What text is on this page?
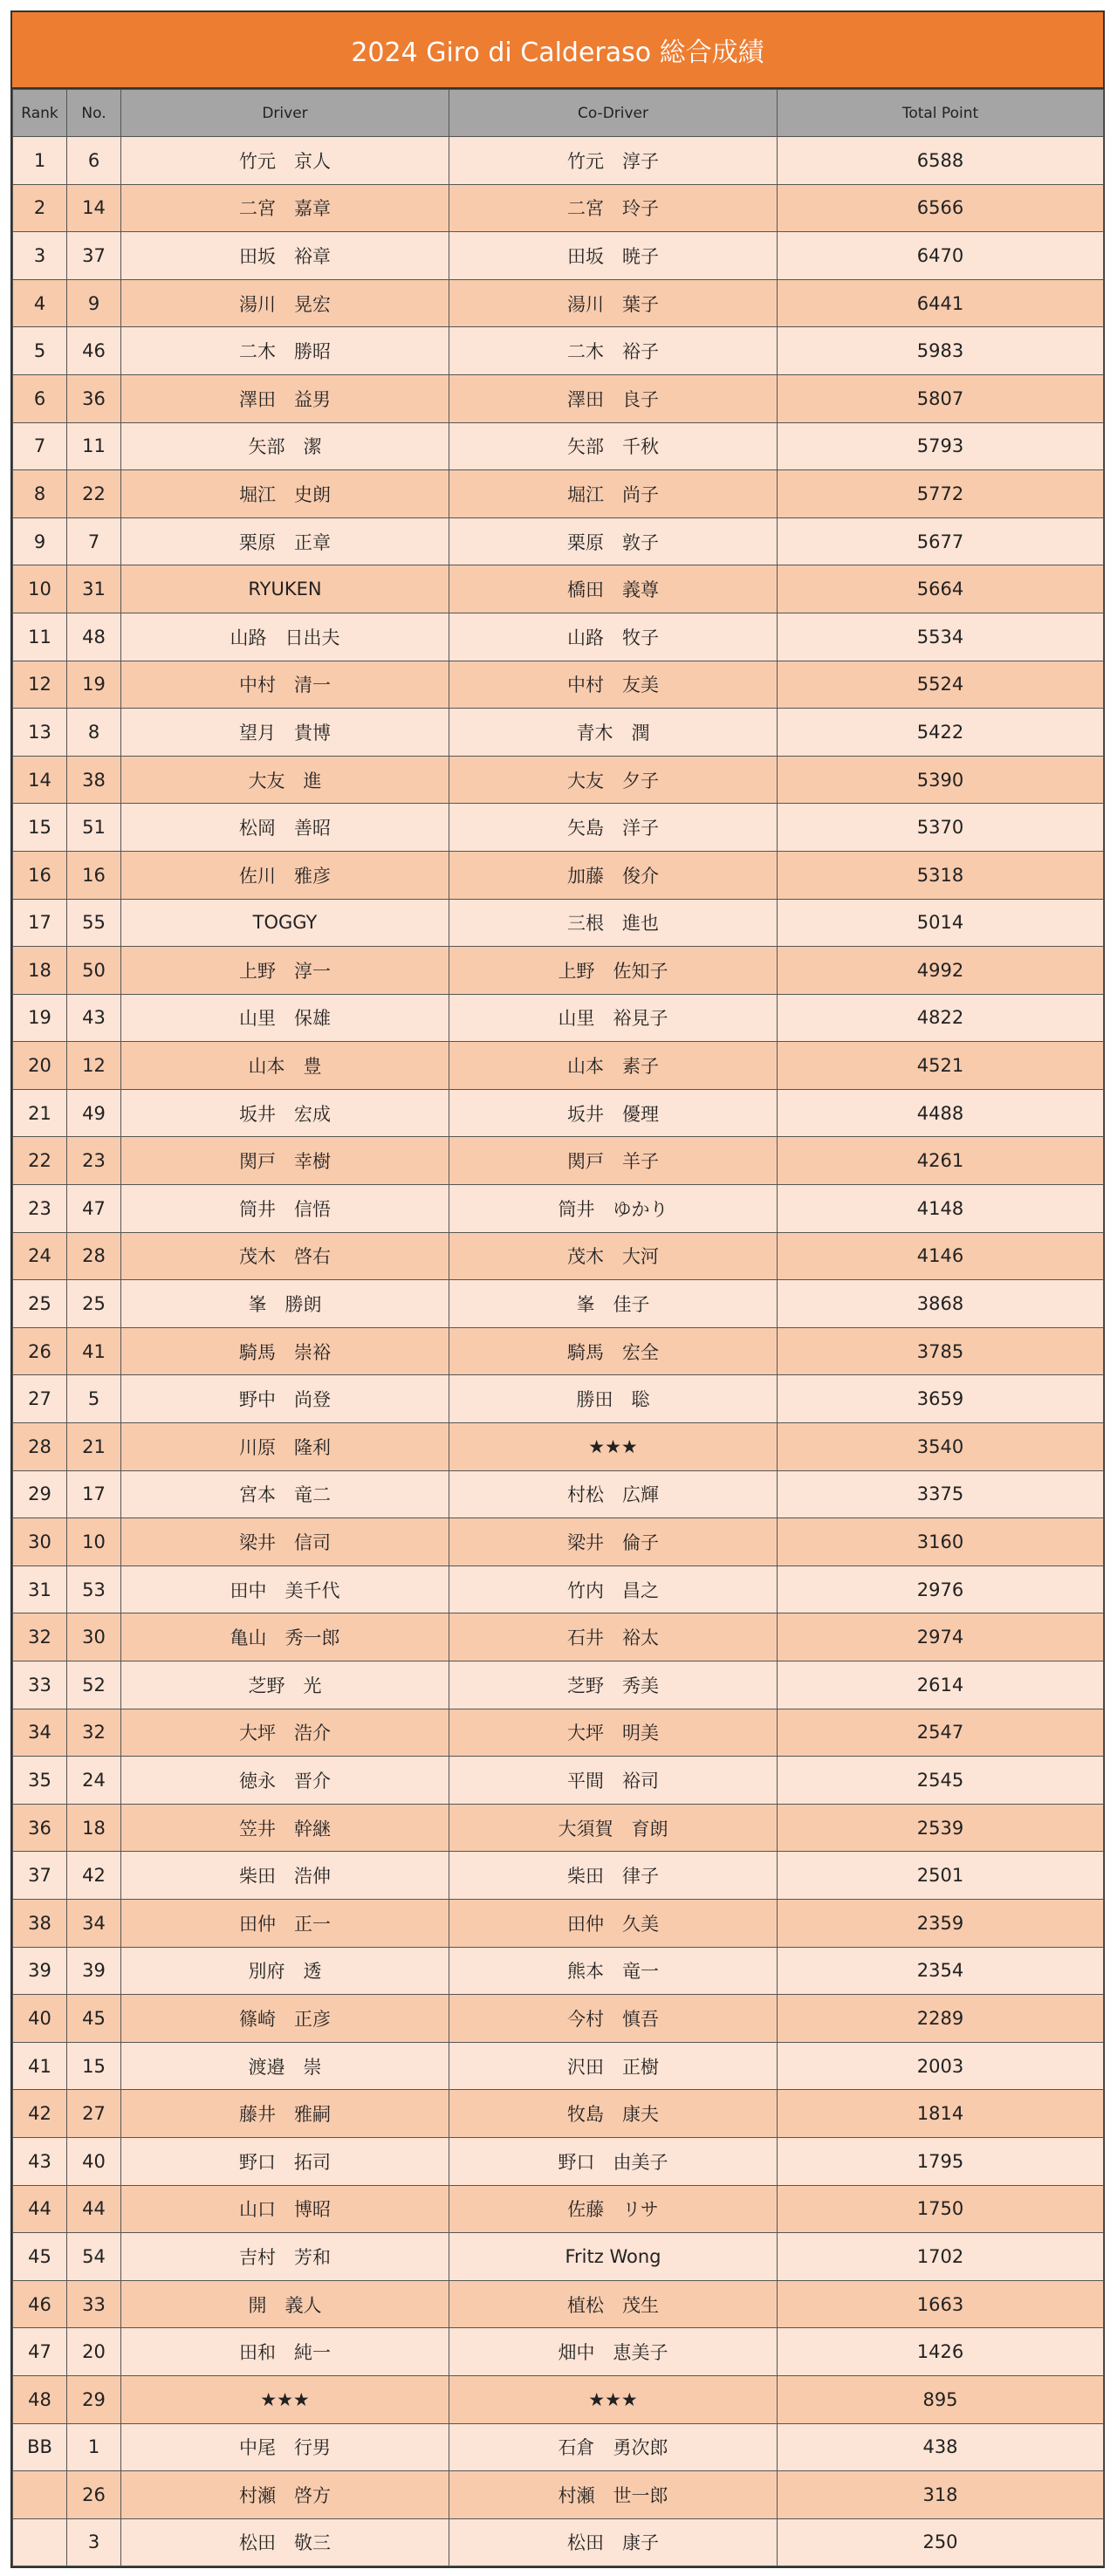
2024 Giro di Calderaso 総合成績
Rank	No.	Driver	Co-Driver	Total Point
1	6	竹元　京人	竹元　淳子	6588
2	14	二宮　嘉章	二宮　玲子	6566
3	37	田坂　裕章	田坂　暁子	6470
4	9	湯川　晃宏	湯川　葉子	6441
5	46	二木　勝昭	二木　裕子	5983
6	36	澤田　益男	澤田　良子	5807
7	11	矢部　潔	矢部　千秋	5793
8	22	堀江　史朗	堀江　尚子	5772
9	7	栗原　正章	栗原　敦子	5677
10	31	RYUKEN	橋田　義尊	5664
11	48	山路　日出夫	山路　牧子	5534
12	19	中村　清一	中村　友美	5524
13	8	望月　貴博	青木　潤	5422
14	38	大友　進	大友　夕子	5390
15	51	松岡　善昭	矢島　洋子	5370
16	16	佐川　雅彦	加藤　俊介	5318
17	55	TOGGY	三根　進也	5014
18	50	上野　淳一	上野　佐知子	4992
19	43	山里　保雄	山里　裕見子	4822
20	12	山本　豊	山本　素子	4521
21	49	坂井　宏成	坂井　優理	4488
22	23	関戸　幸樹	関戸　羊子	4261
23	47	筒井　信悟	筒井　ゆかり	4148
24	28	茂木　啓右	茂木　大河	4146
25	25	峯　勝朗	峯　佳子	3868
26	41	騎馬　崇裕	騎馬　宏全	3785
27	5	野中　尚登	勝田　聡	3659
28	21	川原　隆利	★★★	3540
29	17	宮本　竜二	村松　広輝	3375
30	10	梁井　信司	梁井　倫子	3160
31	53	田中　美千代	竹内　昌之	2976
32	30	亀山　秀一郎	石井　裕太	2974
33	52	芝野　光	芝野　秀美	2614
34	32	大坪　浩介	大坪　明美	2547
35	24	徳永　晋介	平間　裕司	2545
36	18	笠井　幹継	大須賀　育朗	2539
37	42	柴田　浩伸	柴田　律子	2501
38	34	田仲　正一	田仲　久美	2359
39	39	別府　透	熊本　竜一	2354
40	45	篠崎　正彦	今村　慎吾	2289
41	15	渡邉　崇	沢田　正樹	2003
42	27	藤井　雅嗣	牧島　康夫	1814
43	40	野口　拓司	野口　由美子	1795
44	44	山口　博昭	佐藤　リサ	1750
45	54	吉村　芳和	Fritz Wong	1702
46	33	開　義人	植松　茂生	1663
47	20	田和　純一	畑中　恵美子	1426
48	29	★★★	★★★	895
BB	1	中尾　行男	石倉　勇次郎	438
	26	村瀬　啓方	村瀬　世一郎	318
	3	松田　敬三	松田　康子	250
